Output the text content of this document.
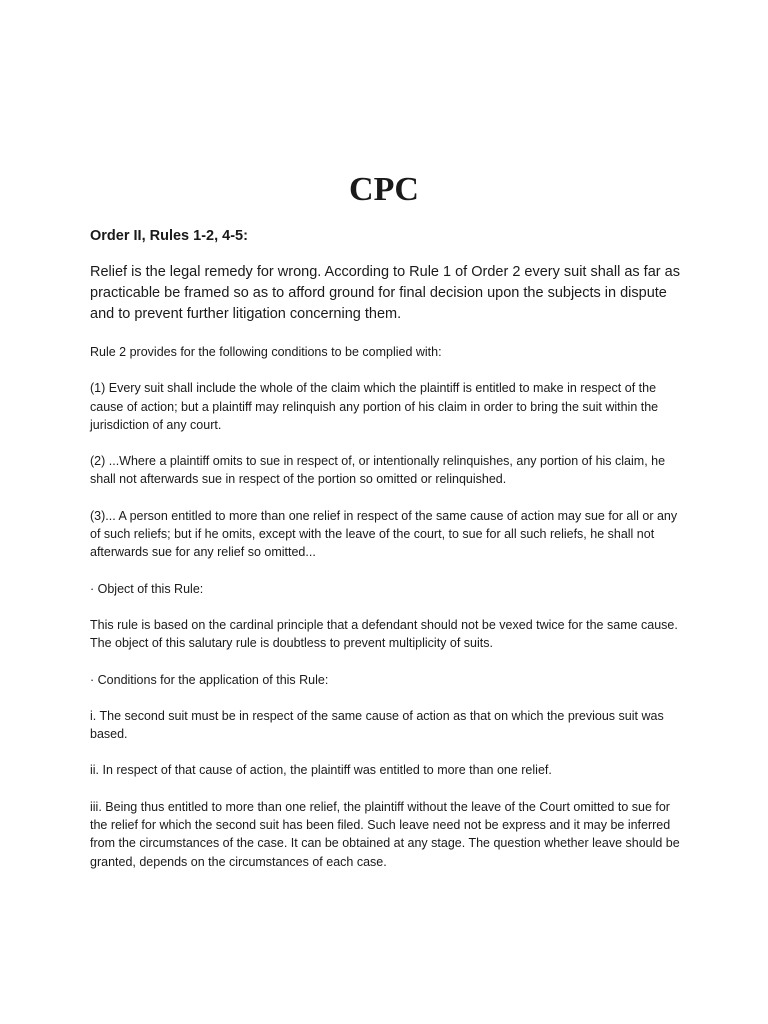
CPC

Order II, Rules 1-2, 4-5:

Relief is the legal remedy for wrong. According to Rule 1 of Order 2 every suit shall as far as practicable be framed so as to afford ground for final decision upon the subjects in dispute and to prevent further litigation concerning them.

Rule 2 provides for the following conditions to be complied with:

(1) Every suit shall include the whole of the claim which the plaintiff is entitled to make in respect of the cause of action; but a plaintiff may relinquish any portion of his claim in order to bring the suit within the jurisdiction of any court.

(2) ...Where a plaintiff omits to sue in respect of, or intentionally relinquishes, any portion of his claim, he shall not afterwards sue in respect of the portion so omitted or relinquished.

(3)... A person entitled to more than one relief in respect of the same cause of action may sue for all or any of such reliefs; but if he omits, except with the leave of the court, to sue for all such reliefs, he shall not afterwards sue for any relief so omitted...

· Object of this Rule:

This rule is based on the cardinal principle that a defendant should not be vexed twice for the same cause. The object of this salutary rule is doubtless to prevent multiplicity of suits.

· Conditions for the application of this Rule:

i. The second suit must be in respect of the same cause of action as that on which the previous suit was based.

ii. In respect of that cause of action, the plaintiff was entitled to more than one relief.

iii. Being thus entitled to more than one relief, the plaintiff without the leave of the Court omitted to sue for the relief for which the second suit has been filed. Such leave need not be express and it may be inferred from the circumstances of the case. It can be obtained at any stage. The question whether leave should be granted, depends on the circumstances of each case.
